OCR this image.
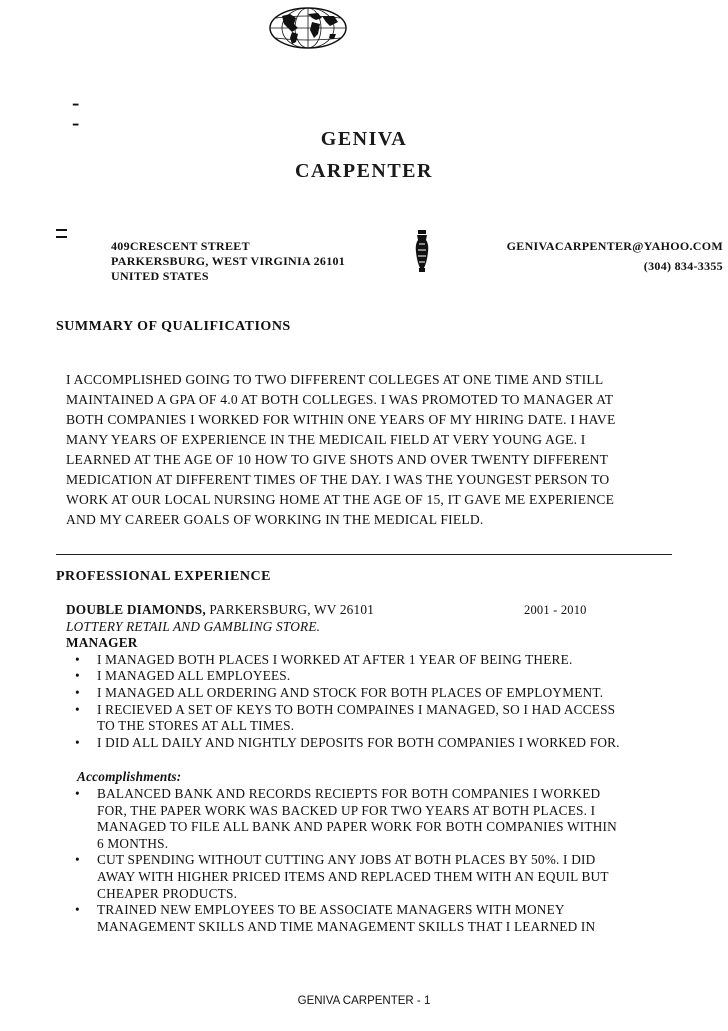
-
-
GENIVA
CARPENTER
409CRESCENT STREET
PARKERSBURG, WEST VIRGINIA 26101
UNITED STATES
GENIVACARPENTER@YAHOO.COM
(304) 834-3355
SUMMARY OF QUALIFICATIONS
I ACCOMPLISHED GOING TO TWO DIFFERENT COLLEGES AT ONE TIME AND STILL
MAINTAINED A GPA OF 4.0 AT BOTH COLLEGES. I WAS PROMOTED TO MANAGER AT
BOTH COMPANIES I WORKED FOR WITHIN ONE YEARS OF MY HIRING DATE. I HAVE
MANY YEARS OF EXPERIENCE IN THE MEDICAIL FIELD AT VERY YOUNG AGE. I
LEARNED AT THE AGE OF 10 HOW TO GIVE SHOTS AND OVER TWENTY DIFFERENT
MEDICATION AT DIFFERENT TIMES OF THE DAY. I WAS THE YOUNGEST PERSON TO
WORK AT OUR LOCAL NURSING HOME AT THE AGE OF 15, IT GAVE ME EXPERIENCE
AND MY CAREER GOALS OF WORKING IN THE MEDICAL FIELD.
PROFESSIONAL EXPERIENCE
DOUBLE DIAMONDS, PARKERSBURG, WV 26101	2001 - 2010
LOTTERY RETAIL AND GAMBLING STORE.
MANAGER
• I MANAGED BOTH PLACES I WORKED AT AFTER 1 YEAR OF BEING THERE.
• I MANAGED ALL EMPLOYEES.
• I MANAGED ALL ORDERING AND STOCK FOR BOTH PLACES OF EMPLOYMENT.
• I RECIEVED A SET OF KEYS TO BOTH COMPAINES I MANAGED, SO I HAD ACCESS
TO THE STORES AT ALL TIMES.
• I DID ALL DAILY AND NIGHTLY DEPOSITS FOR BOTH COMPANIES I WORKED FOR.
Accomplishments:
• BALANCED BANK AND RECORDS RECIEPTS FOR BOTH COMPANIES I WORKED
FOR, THE PAPER WORK WAS BACKED UP FOR TWO YEARS AT BOTH PLACES. I
MANAGED TO FILE ALL BANK AND PAPER WORK FOR BOTH COMPANIES WITHIN
6 MONTHS.
• CUT SPENDING WITHOUT CUTTING ANY JOBS AT BOTH PLACES BY 50%. I DID
AWAY WITH HIGHER PRICED ITEMS AND REPLACED THEM WITH AN EQUIL BUT
CHEAPER PRODUCTS.
• TRAINED NEW EMPLOYEES TO BE ASSOCIATE MANAGERS WITH MONEY
MANAGEMENT SKILLS AND TIME MANAGEMENT SKILLS THAT I LEARNED IN
GENIVA CARPENTER - 1
